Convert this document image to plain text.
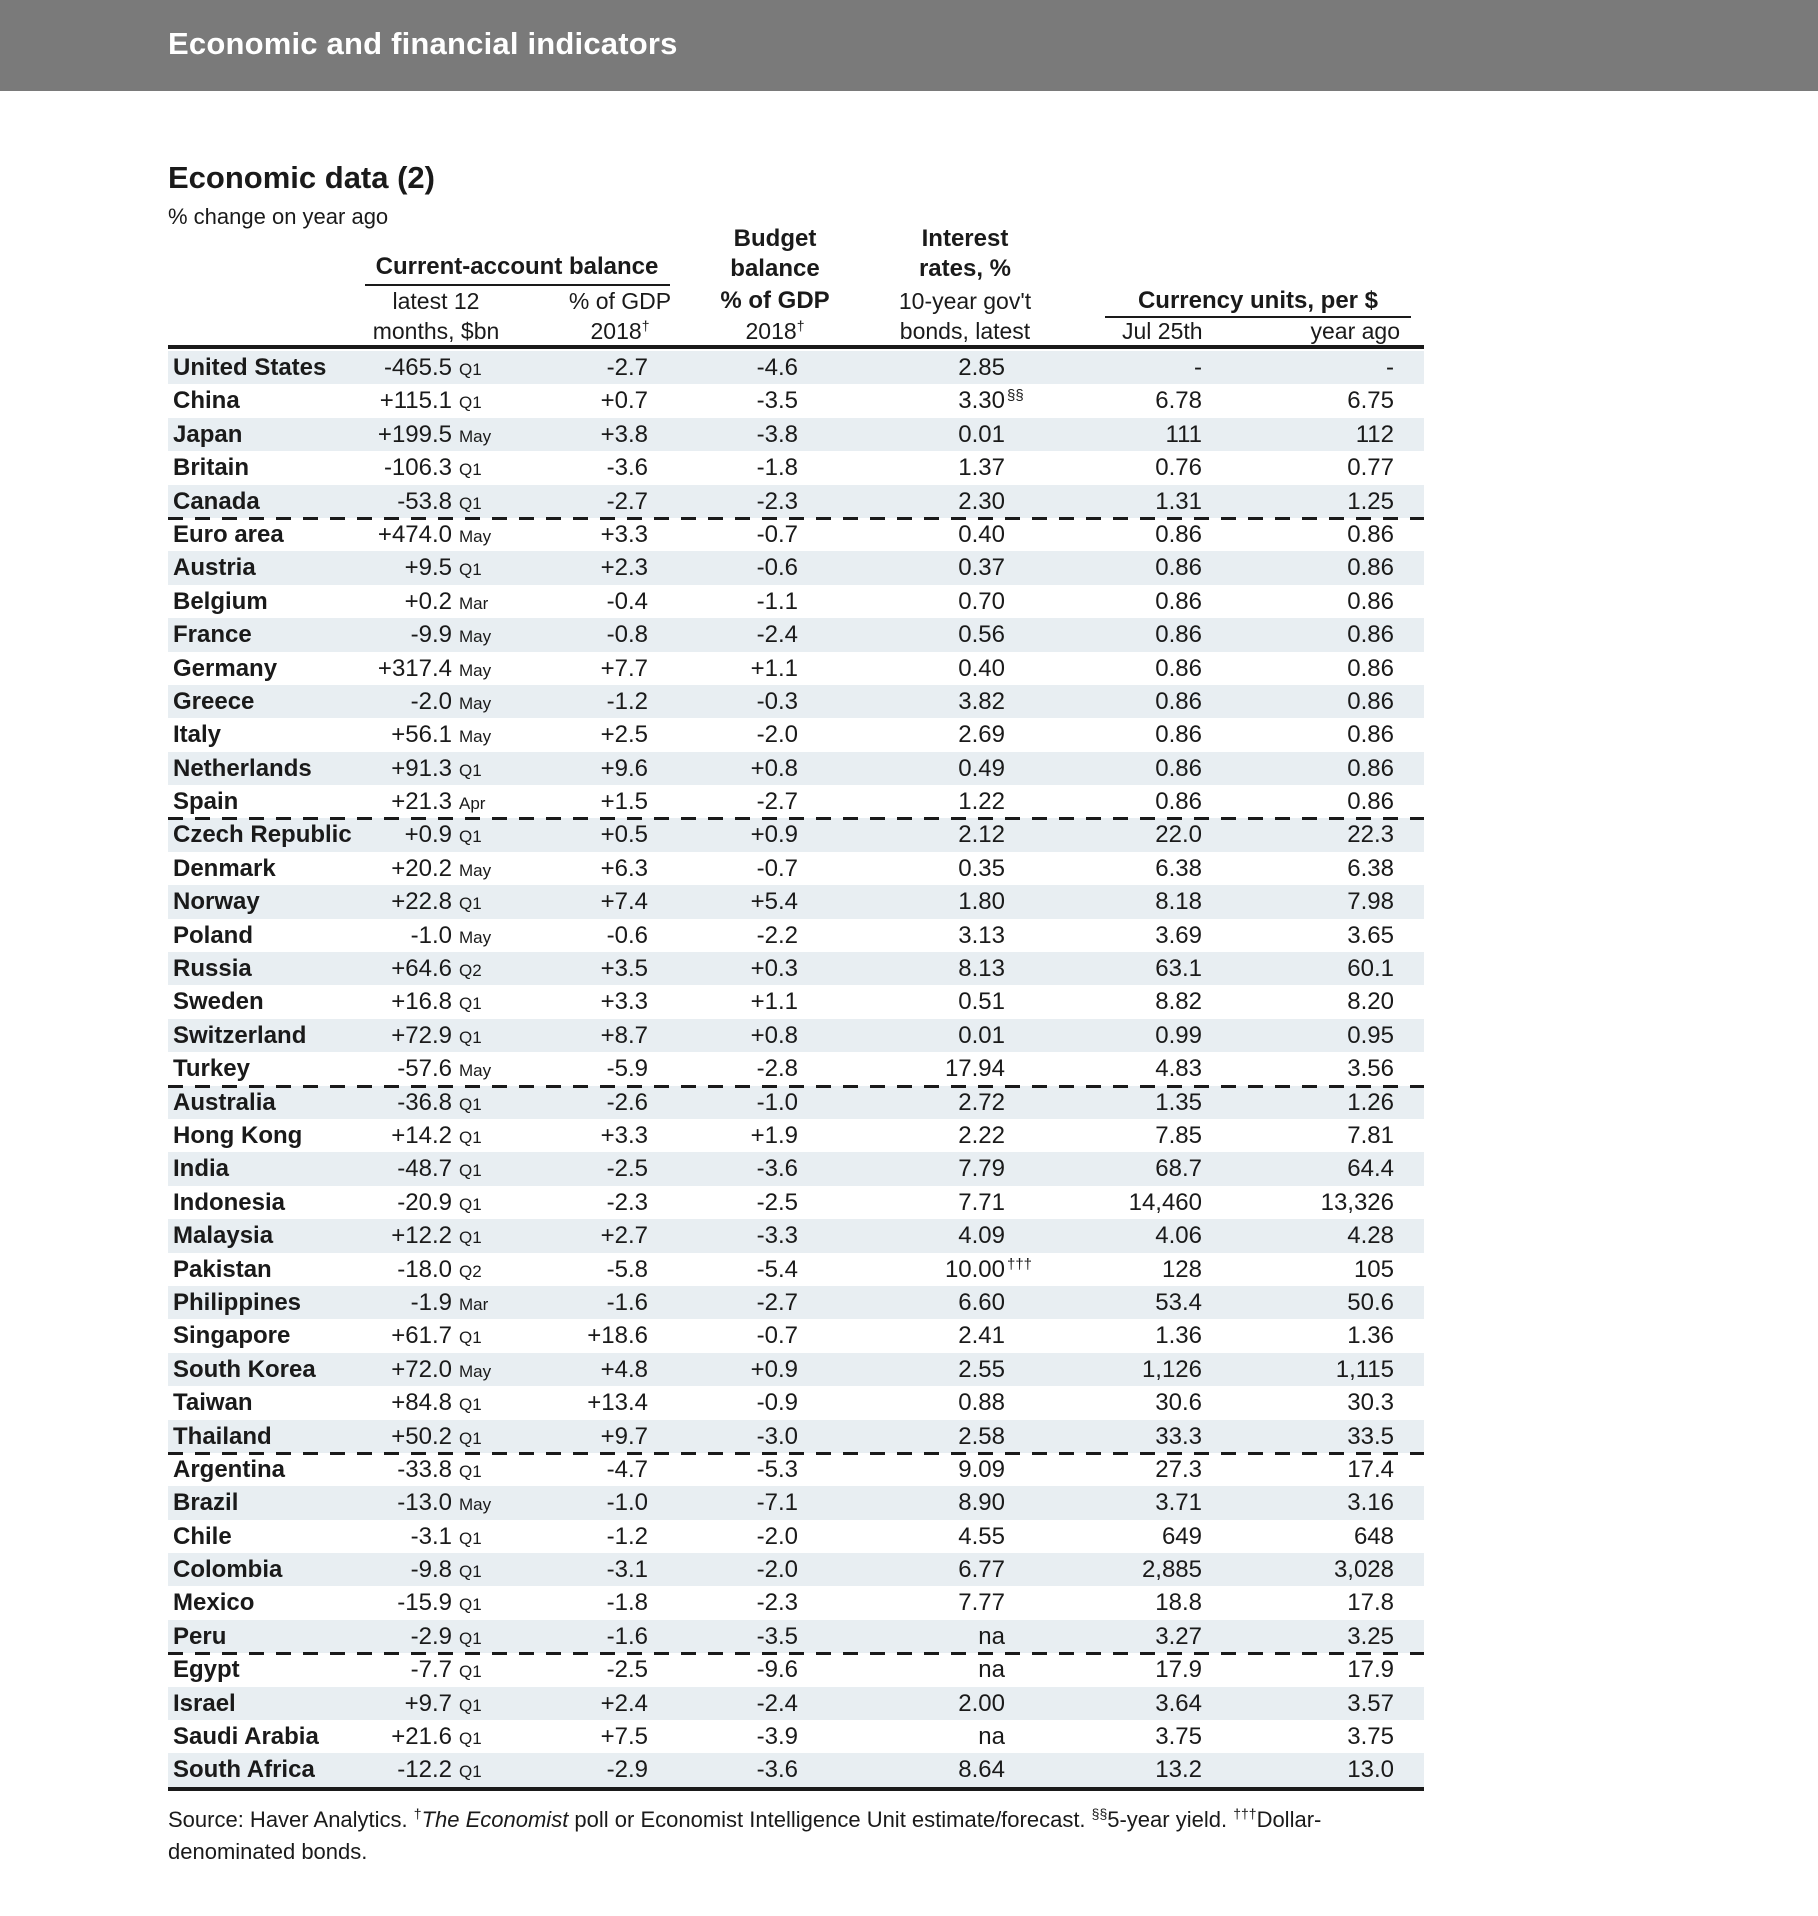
Economic and financial indicators
Economic data (2)
% change on year ago
Current-account balance
Budget
balance
% of GDP
2018†
Interest
rates, %
10-year gov't
bonds, latest
latest 12
months, $bn
% of GDP
2018†
Currency units, per $
Jul 25th	year ago
United States	-465.5 Q1	-2.7	-4.6	2.85	-	-
China	+115.1 Q1	+0.7	-3.5	3.30 §§	6.78	6.75
Japan	+199.5 May	+3.8	-3.8	0.01	111	112
Britain	-106.3 Q1	-3.6	-1.8	1.37	0.76	0.77
Canada	-53.8 Q1	-2.7	-2.3	2.30	1.31	1.25
Euro area	+474.0 May	+3.3	-0.7	0.40	0.86	0.86
Austria	+9.5 Q1	+2.3	-0.6	0.37	0.86	0.86
Belgium	+0.2 Mar	-0.4	-1.1	0.70	0.86	0.86
France	-9.9 May	-0.8	-2.4	0.56	0.86	0.86
Germany	+317.4 May	+7.7	+1.1	0.40	0.86	0.86
Greece	-2.0 May	-1.2	-0.3	3.82	0.86	0.86
Italy	+56.1 May	+2.5	-2.0	2.69	0.86	0.86
Netherlands	+91.3 Q1	+9.6	+0.8	0.49	0.86	0.86
Spain	+21.3 Apr	+1.5	-2.7	1.22	0.86	0.86
Czech Republic	+0.9 Q1	+0.5	+0.9	2.12	22.0	22.3
Denmark	+20.2 May	+6.3	-0.7	0.35	6.38	6.38
Norway	+22.8 Q1	+7.4	+5.4	1.80	8.18	7.98
Poland	-1.0 May	-0.6	-2.2	3.13	3.69	3.65
Russia	+64.6 Q2	+3.5	+0.3	8.13	63.1	60.1
Sweden	+16.8 Q1	+3.3	+1.1	0.51	8.82	8.20
Switzerland	+72.9 Q1	+8.7	+0.8	0.01	0.99	0.95
Turkey	-57.6 May	-5.9	-2.8	17.94	4.83	3.56
Australia	-36.8 Q1	-2.6	-1.0	2.72	1.35	1.26
Hong Kong	+14.2 Q1	+3.3	+1.9	2.22	7.85	7.81
India	-48.7 Q1	-2.5	-3.6	7.79	68.7	64.4
Indonesia	-20.9 Q1	-2.3	-2.5	7.71	14,460	13,326
Malaysia	+12.2 Q1	+2.7	-3.3	4.09	4.06	4.28
Pakistan	-18.0 Q2	-5.8	-5.4	10.00 †††	128	105
Philippines	-1.9 Mar	-1.6	-2.7	6.60	53.4	50.6
Singapore	+61.7 Q1	+18.6	-0.7	2.41	1.36	1.36
South Korea	+72.0 May	+4.8	+0.9	2.55	1,126	1,115
Taiwan	+84.8 Q1	+13.4	-0.9	0.88	30.6	30.3
Thailand	+50.2 Q1	+9.7	-3.0	2.58	33.3	33.5
Argentina	-33.8 Q1	-4.7	-5.3	9.09	27.3	17.4
Brazil	-13.0 May	-1.0	-7.1	8.90	3.71	3.16
Chile	-3.1 Q1	-1.2	-2.0	4.55	649	648
Colombia	-9.8 Q1	-3.1	-2.0	6.77	2,885	3,028
Mexico	-15.9 Q1	-1.8	-2.3	7.77	18.8	17.8
Peru	-2.9 Q1	-1.6	-3.5	na	3.27	3.25
Egypt	-7.7 Q1	-2.5	-9.6	na	17.9	17.9
Israel	+9.7 Q1	+2.4	-2.4	2.00	3.64	3.57
Saudi Arabia	+21.6 Q1	+7.5	-3.9	na	3.75	3.75
South Africa	-12.2 Q1	-2.9	-3.6	8.64	13.2	13.0
Source: Haver Analytics. †The Economist poll or Economist Intelligence Unit estimate/forecast. §§5-year yield. †††Dollar-denominated bonds.
